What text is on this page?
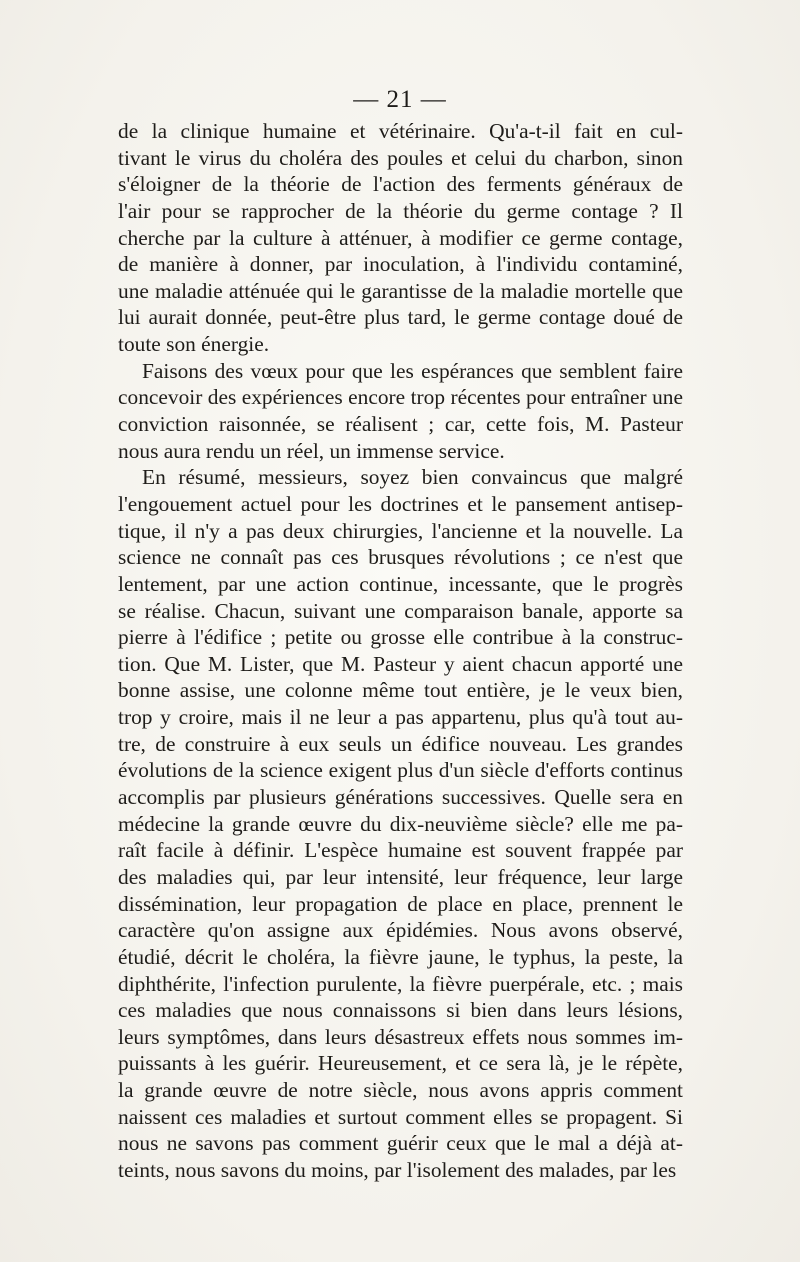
— 21 —
de la clinique humaine et vétérinaire. Qu'a-t-il fait en cul-
tivant le virus du choléra des poules et celui du charbon, sinon
s'éloigner de la théorie de l'action des ferments généraux de
l'air pour se rapprocher de la théorie du germe contage ? Il
cherche par la culture à atténuer, à modifier ce germe contage,
de manière à donner, par inoculation, à l'individu contaminé,
une maladie atténuée qui le garantisse de la maladie mortelle que
lui aurait donnée, peut-être plus tard, le germe contage doué de
toute son énergie.
Faisons des vœux pour que les espérances que semblent faire
concevoir des expériences encore trop récentes pour entraîner une
conviction raisonnée, se réalisent ; car, cette fois, M. Pasteur
nous aura rendu un réel, un immense service.
En résumé, messieurs, soyez bien convaincus que malgré
l'engouement actuel pour les doctrines et le pansement antisep-
tique, il n'y a pas deux chirurgies, l'ancienne et la nouvelle. La
science ne connaît pas ces brusques révolutions ; ce n'est que
lentement, par une action continue, incessante, que le progrès
se réalise. Chacun, suivant une comparaison banale, apporte sa
pierre à l'édifice ; petite ou grosse elle contribue à la construc-
tion. Que M. Lister, que M. Pasteur y aient chacun apporté une
bonne assise, une colonne même tout entière, je le veux bien,
trop y croire, mais il ne leur a pas appartenu, plus qu'à tout au-
tre, de construire à eux seuls un édifice nouveau. Les grandes
évolutions de la science exigent plus d'un siècle d'efforts continus
accomplis par plusieurs générations successives. Quelle sera en
médecine la grande œuvre du dix-neuvième siècle? elle me pa-
raît facile à définir. L'espèce humaine est souvent frappée par
des maladies qui, par leur intensité, leur fréquence, leur large
dissémination, leur propagation de place en place, prennent le
caractère qu'on assigne aux épidémies. Nous avons observé,
étudié, décrit le choléra, la fièvre jaune, le typhus, la peste, la
diphthérite, l'infection purulente, la fièvre puerpérale, etc. ; mais
ces maladies que nous connaissons si bien dans leurs lésions,
leurs symptômes, dans leurs désastreux effets nous sommes im-
puissants à les guérir. Heureusement, et ce sera là, je le répète,
la grande œuvre de notre siècle, nous avons appris comment
naissent ces maladies et surtout comment elles se propagent. Si
nous ne savons pas comment guérir ceux que le mal a déjà at-
teints, nous savons du moins, par l'isolement des malades, par les
